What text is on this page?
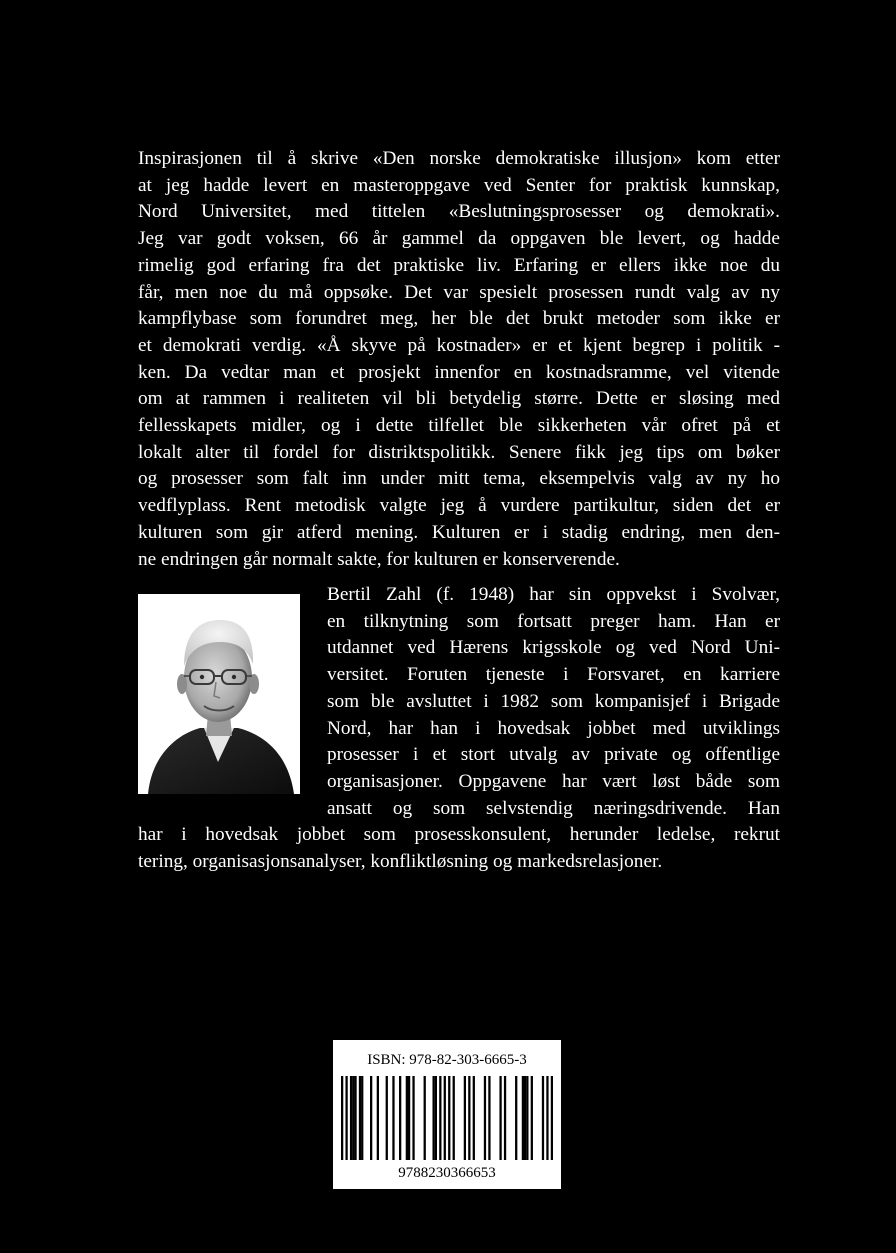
Inspirasjonen til å skrive «Den norske demokratiske illusjon» kom etter
at jeg hadde levert en masteroppgave ved Senter for praktisk kunnskap,
Nord Universitet, med tittelen «Beslutningsprosesser og demokrati».
Jeg var godt voksen, 66 år gammel da oppgaven ble levert, og hadde
rimelig god erfaring fra det praktiske liv. Erfaring er ellers ikke noe du
får, men noe du må oppsøke. Det var spesielt prosessen rundt valg av ny
kampflybase som forundret meg, her ble det brukt metoder som ikke er
et demokrati verdig. «Å skyve på kostnader» er et kjent begrep i politik -
ken. Da vedtar man et prosjekt innenfor en kostnadsramme, vel vitende
om at rammen i realiteten vil bli betydelig større. Dette er sløsing med
fellesskapets midler, og i dette tilfellet ble sikkerheten vår ofret på et
lokalt alter til fordel for distriktspolitikk. Senere fikk jeg tips om bøker
og prosesser som falt inn under mitt tema, eksempelvis valg av ny ho
vedflyplass. Rent metodisk valgte jeg å vurdere partikultur, siden det er
kulturen som gir atferd mening. Kulturen er i stadig endring, men den-
ne endringen går normalt sakte, for kulturen er konserverende.
Bertil Zahl (f. 1948) har sin oppvekst i Svolvær,
en tilknytning som fortsatt preger ham. Han er
utdannet ved Hærens krigsskole og ved Nord Uni-
versitet. Foruten tjeneste i Forsvaret, en karriere
som ble avsluttet i 1982 som kompanisjef i Brigade
Nord, har han i hovedsak jobbet med utviklings
prosesser i et stort utvalg av private og offentlige
organisasjoner. Oppgavene har vært løst både som
ansatt og som selvstendig næringsdrivende. Han
har i hovedsak jobbet som prosesskonsulent, herunder ledelse, rekrut
tering, organisasjonsanalyser, konfliktløsning og markedsrelasjoner.
ISBN: 978-82-303-6665-3
9788230366653
